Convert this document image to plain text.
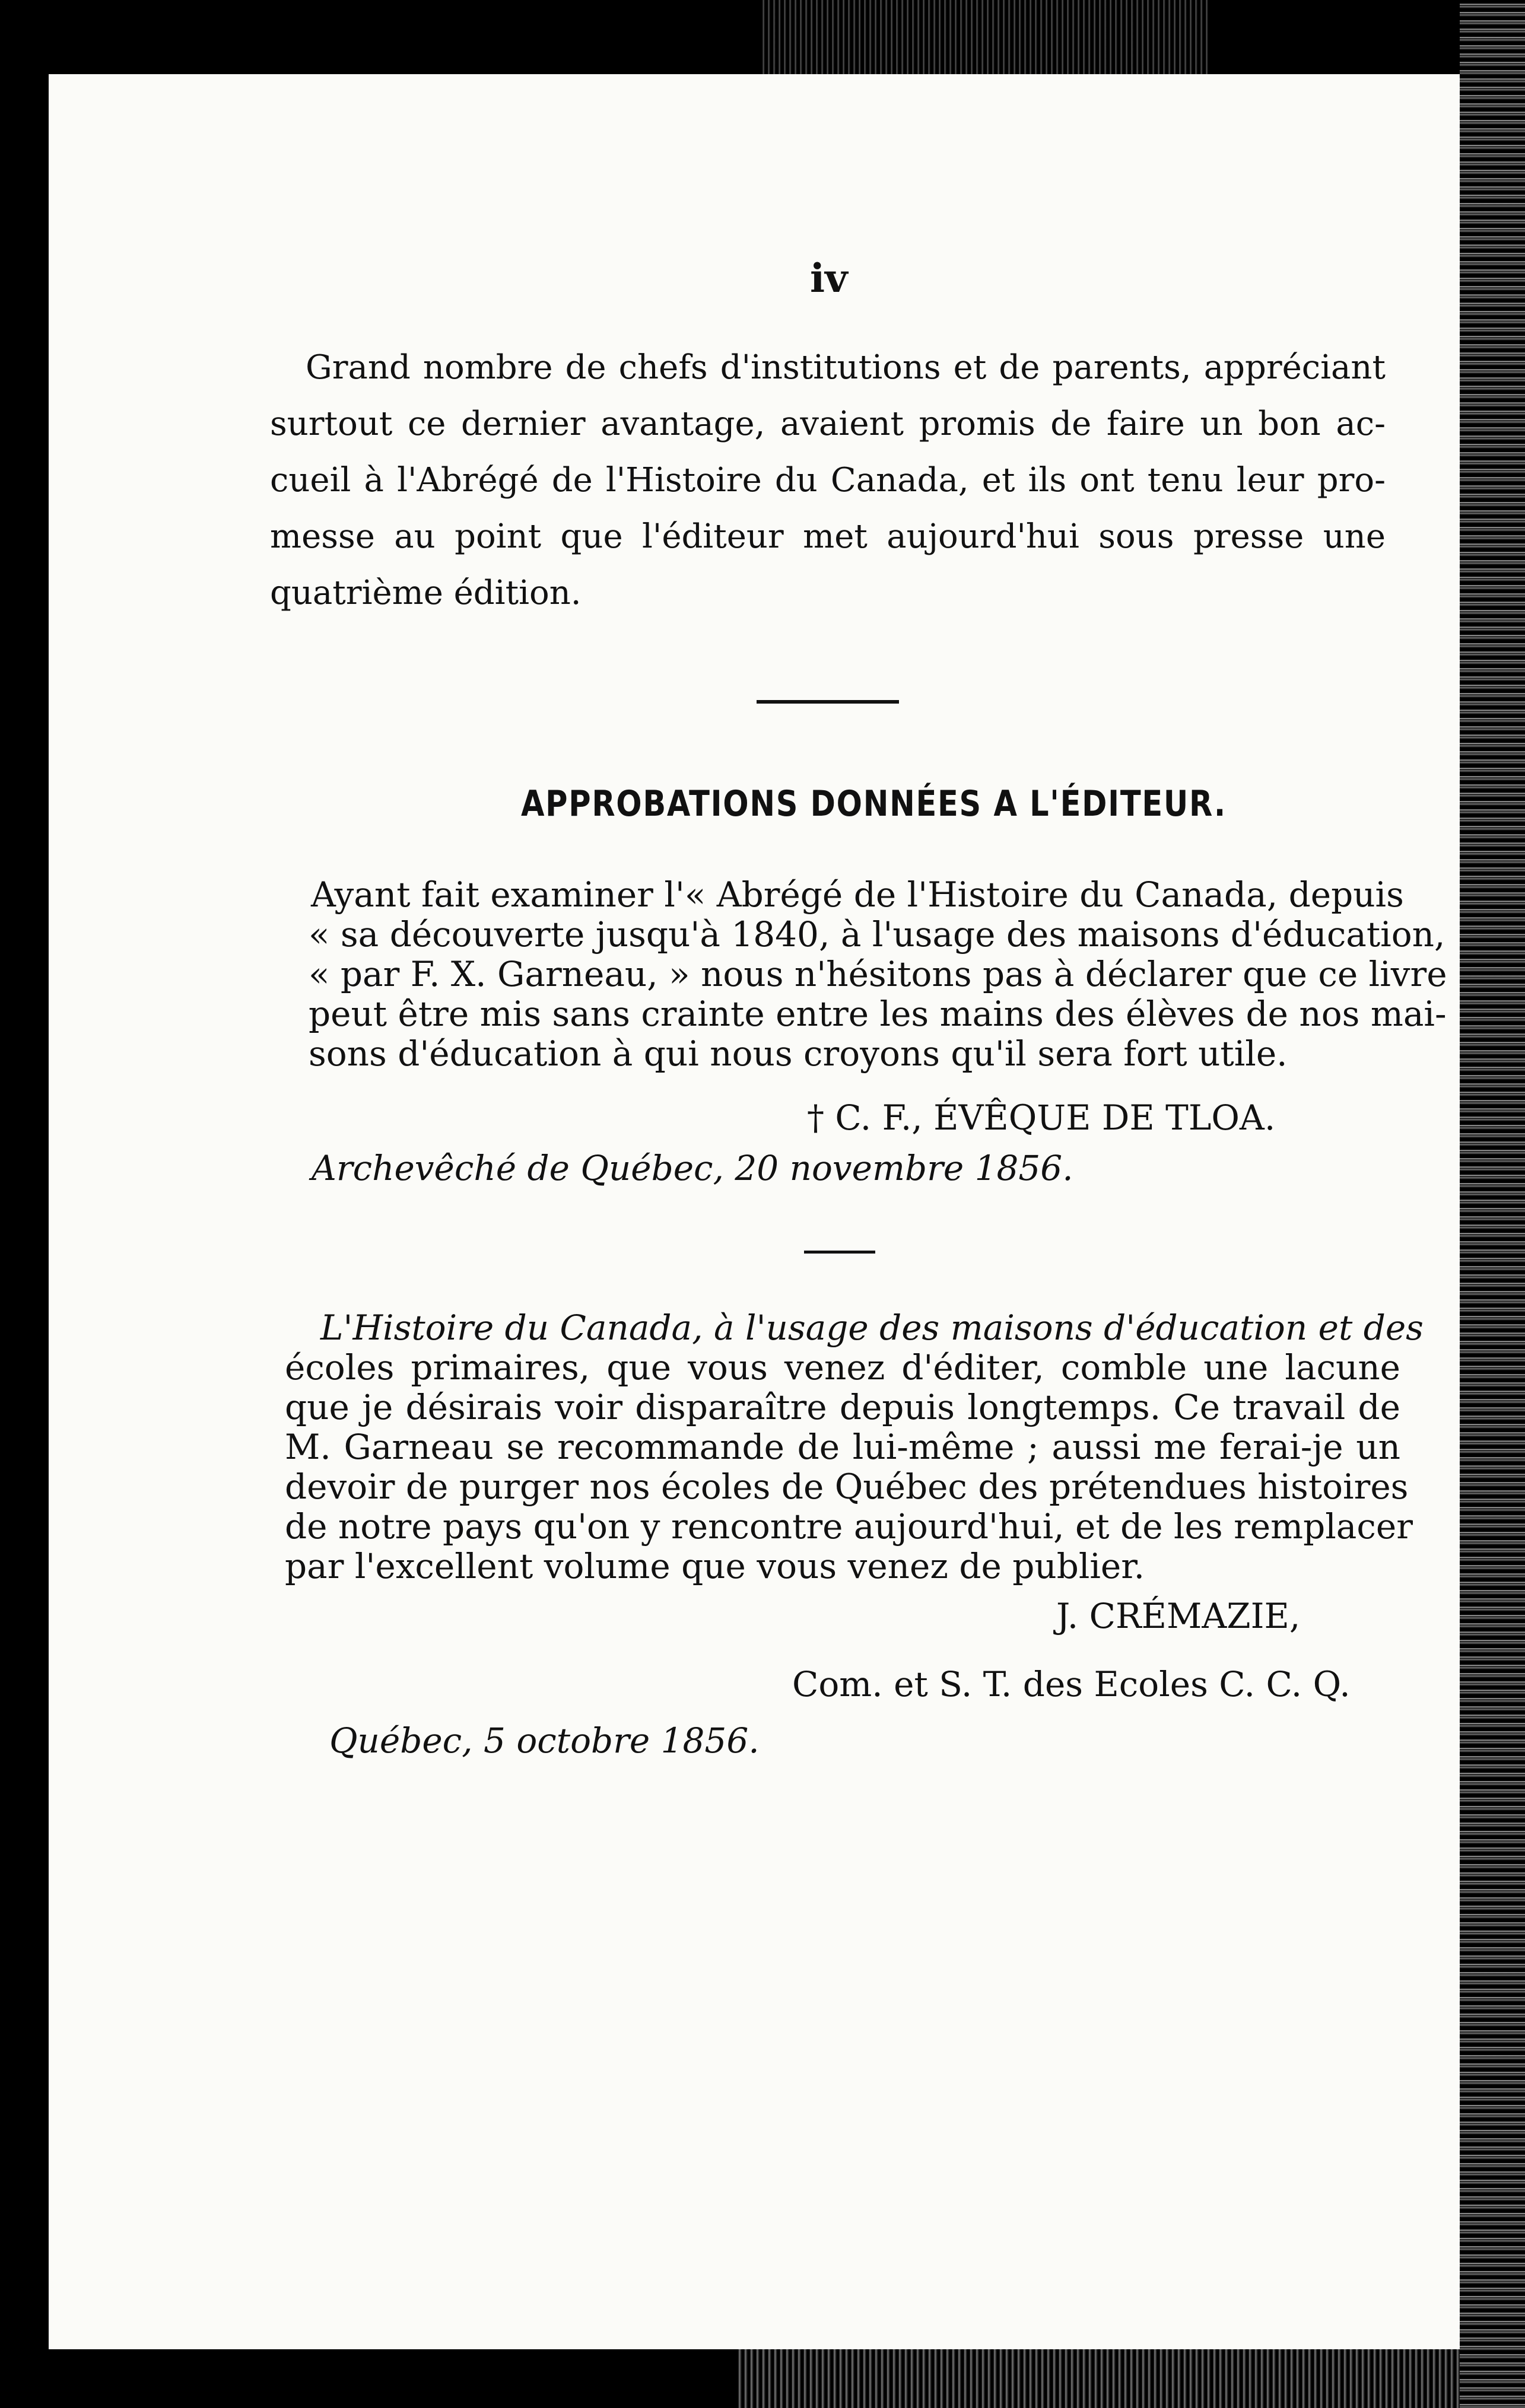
iv
Grand nombre de chefs d'institutions et de parents, appréciant
surtout ce dernier avantage, avaient promis de faire un bon ac-
cueil à l'Abrégé de l'Histoire du Canada, et ils ont tenu leur pro-
messe au point que l'éditeur met aujourd'hui sous presse une
quatrième édition.
APPROBATIONS DONNÉES A L'ÉDITEUR.
Ayant fait examiner l'« Abrégé de l'Histoire du Canada, depuis
« sa découverte jusqu'à 1840, à l'usage des maisons d'éducation,
« par F. X. Garneau, » nous n'hésitons pas à déclarer que ce livre
peut être mis sans crainte entre les mains des élèves de nos mai-
sons d'éducation à qui nous croyons qu'il sera fort utile.
† C. F., ÉVÊQUE DE TLOA.
Archevêché de Québec, 20 novembre 1856.
L'Histoire du Canada, à l'usage des maisons d'éducation et des
écoles primaires, que vous venez d'éditer, comble une lacune
que je désirais voir disparaître depuis longtemps. Ce travail de
M. Garneau se recommande de lui-même ; aussi me ferai-je un
devoir de purger nos écoles de Québec des prétendues histoires
de notre pays qu'on y rencontre aujourd'hui, et de les remplacer
par l'excellent volume que vous venez de publier.
J. CRÉMAZIE,
Com. et S. T. des Ecoles C. C. Q.
Québec, 5 octobre 1856.
